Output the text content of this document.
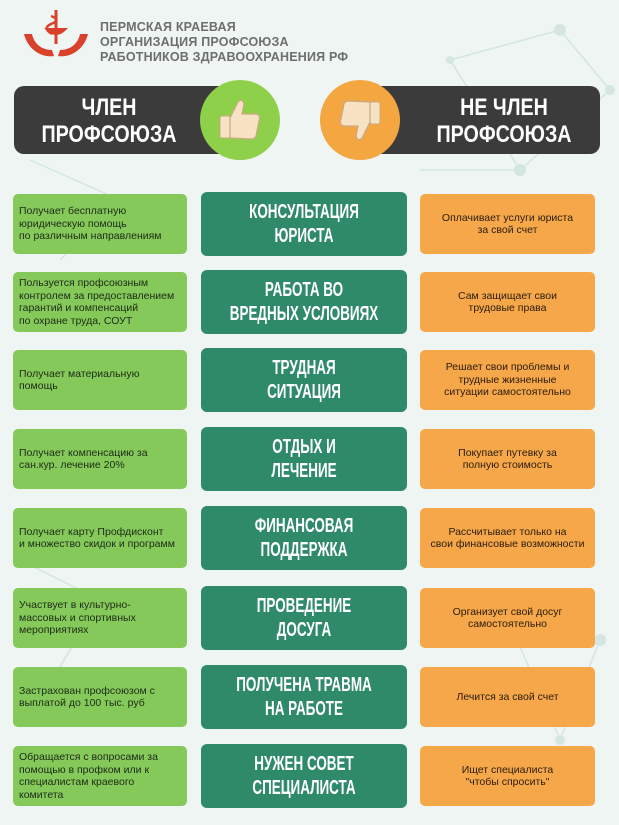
ПЕРМСКАЯ КРАЕВАЯ
ОРГАНИЗАЦИЯ ПРОФСОЮЗА
РАБОТНИКОВ ЗДРАВООХРАНЕНИЯ РФ
ЧЛЕН
ПРОФСОЮЗА
НЕ ЧЛЕН
ПРОФСОЮЗА
Получает бесплатную
юридическую помощь
по различным направлениям
КОНСУЛЬТАЦИЯ
ЮРИСТА
Оплачивает услуги юриста
за свой счет
Пользуется профсоюзным
контролем за предоставлением
гарантий и компенсаций
по охране труда, СОУТ
РАБОТА ВО
ВРЕДНЫХ УСЛОВИЯХ
Сам защищает свои
трудовые права
Получает материальную помощь
ТРУДНАЯ
СИТУАЦИЯ
Решает свои проблемы и
трудные жизненные
ситуации самостоятельно
Получает компенсацию за
сан.кур. лечение 20%
ОТДЫХ И
ЛЕЧЕНИЕ
Покупает путевку за
полную стоимость
Получает карту Профдисконт
и множество скидок и программ
ФИНАНСОВАЯ
ПОДДЕРЖКА
Рассчитывает только на
свои финансовые возможности
Участвует в культурно-
массовых и спортивных
мероприятиях
ПРОВЕДЕНИЕ
ДОСУГА
Организует свой досуг
самостоятельно
Застрахован профсоюзом с
выплатой до 100 тыс. руб
ПОЛУЧЕНА ТРАВМА
НА РАБОТЕ
Лечится за свой счет
Обращается с вопросами за
помощью в профком или к
специалистам краевого комитета
НУЖЕН СОВЕТ
СПЕЦИАЛИСТА
Ищет специалиста
"чтобы спросить"
